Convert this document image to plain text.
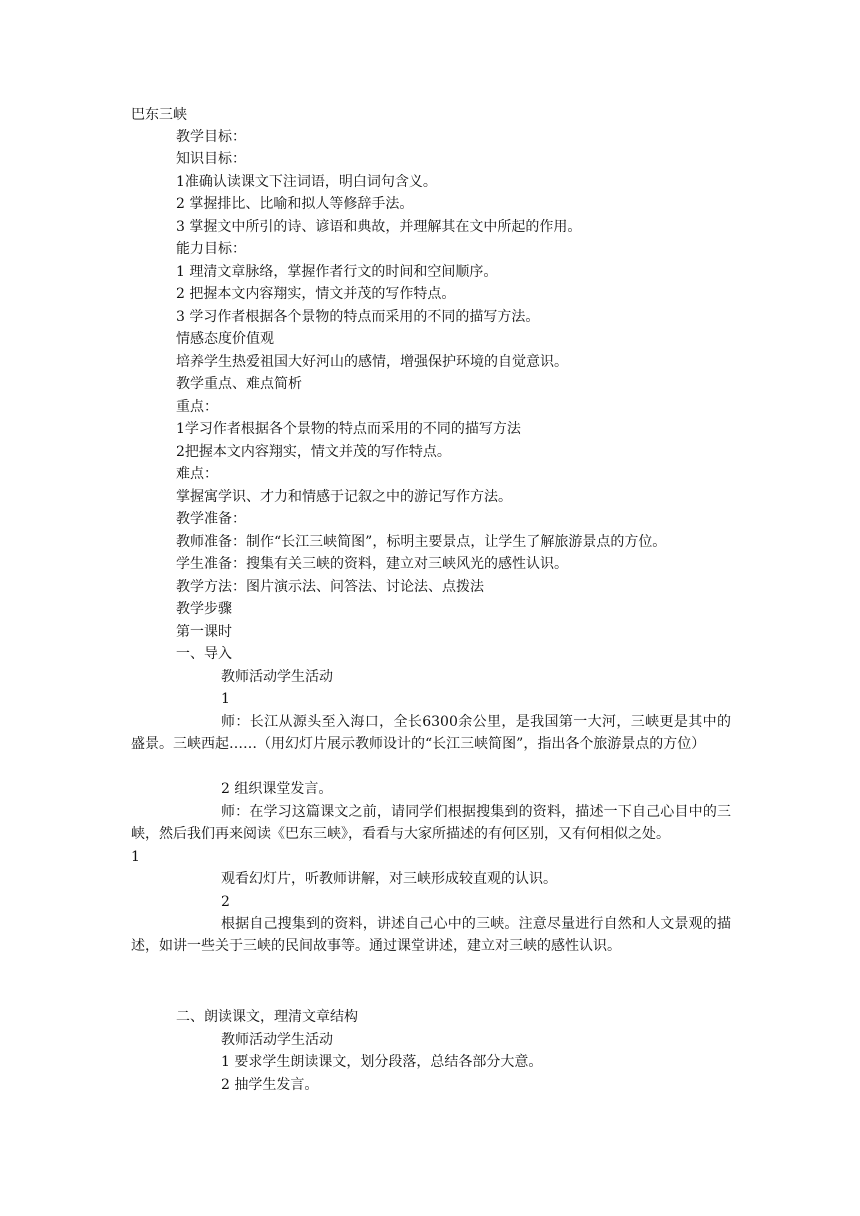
巴东三峡
教学目标：
知识目标：
1准确认读课文下注词语，明白词句含义。
2 掌握排比、比喻和拟人等修辞手法。
3 掌握文中所引的诗、谚语和典故，并理解其在文中所起的作用。
能力目标：
1 理清文章脉络，掌握作者行文的时间和空间顺序。
2 把握本文内容翔实，情文并茂的写作特点。
3 学习作者根据各个景物的特点而采用的不同的描写方法。
情感态度价值观
培养学生热爱祖国大好河山的感情，增强保护环境的自觉意识。
教学重点、难点简析
重点：
1学习作者根据各个景物的特点而采用的不同的描写方法
2把握本文内容翔实，情文并茂的写作特点。
难点：
掌握寓学识、才力和情感于记叙之中的游记写作方法。
教学准备：
教师准备：制作“长江三峡简图”，标明主要景点，让学生了解旅游景点的方位。
学生准备：搜集有关三峡的资料，建立对三峡风光的感性认识。
教学方法：图片演示法、问答法、讨论法、点拨法
教学步骤
第一课时
一、导入
教师活动学生活动
1
师：长江从源头至入海口，全长6300余公里，是我国第一大河，三峡更是其中的盛景。三峡西起……（用幻灯片展示教师设计的“长江三峡简图”，指出各个旅游景点的方位）
2 组织课堂发言。
师：在学习这篇课文之前，请同学们根据搜集到的资料，描述一下自己心目中的三峡，然后我们再来阅读《巴东三峡》，看看与大家所描述的有何区别，又有何相似之处。
1
观看幻灯片，听教师讲解，对三峡形成较直观的认识。
2
根据自己搜集到的资料，讲述自己心中的三峡。注意尽量进行自然和人文景观的描述，如讲一些关于三峡的民间故事等。通过课堂讲述，建立对三峡的感性认识。
二、朗读课文，理清文章结构
教师活动学生活动
1 要求学生朗读课文，划分段落，总结各部分大意。
2 抽学生发言。
